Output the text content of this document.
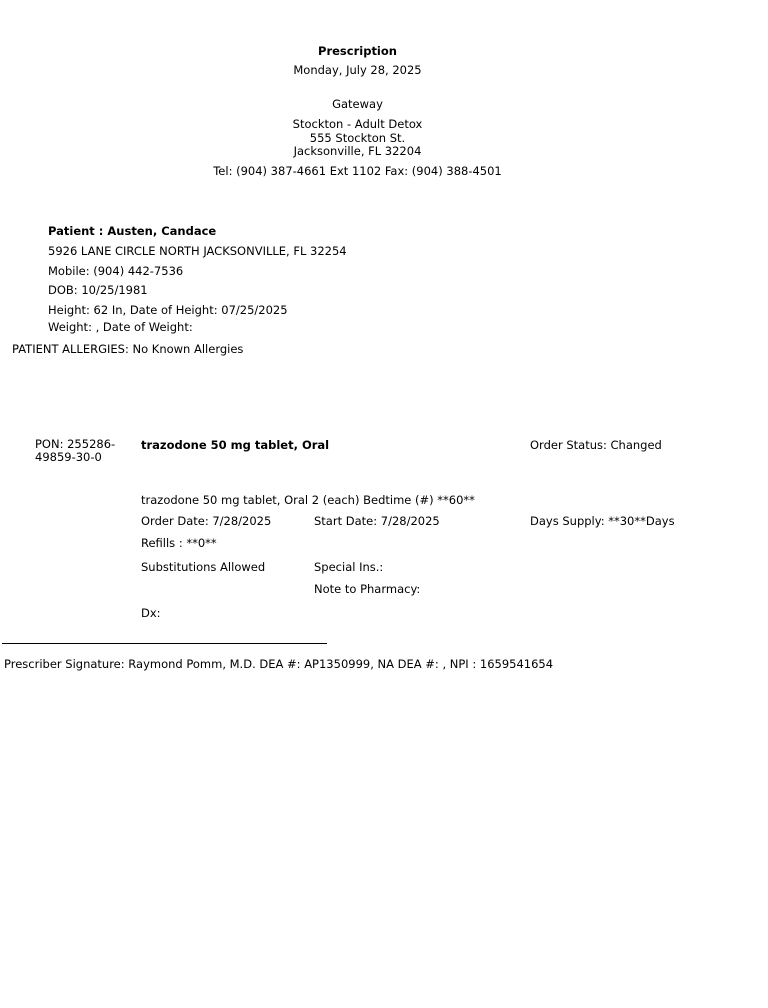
Prescription
Monday, July 28, 2025
Gateway
Stockton - Adult Detox
555 Stockton St.
Jacksonville, FL 32204
Tel: (904) 387-4661 Ext 1102 Fax: (904) 388-4501
Patient : Austen, Candace
5926 LANE CIRCLE NORTH JACKSONVILLE, FL 32254
Mobile: (904) 442-7536
DOB: 10/25/1981
Height: 62 In, Date of Height: 07/25/2025
Weight: , Date of Weight:
PATIENT ALLERGIES: No Known Allergies
PON: 255286-49859-30-0
trazodone 50 mg tablet, Oral	Order Status: Changed
trazodone 50 mg tablet, Oral 2 (each) Bedtime (#) **60**
Order Date: 7/28/2025	Start Date: 7/28/2025	Days Supply: **30**Days
Refills : **0**
Substitutions Allowed	Special Ins.:
Note to Pharmacy:
Dx:
Prescriber Signature: Raymond Pomm, M.D. DEA #: AP1350999, NA DEA #: , NPI : 1659541654
